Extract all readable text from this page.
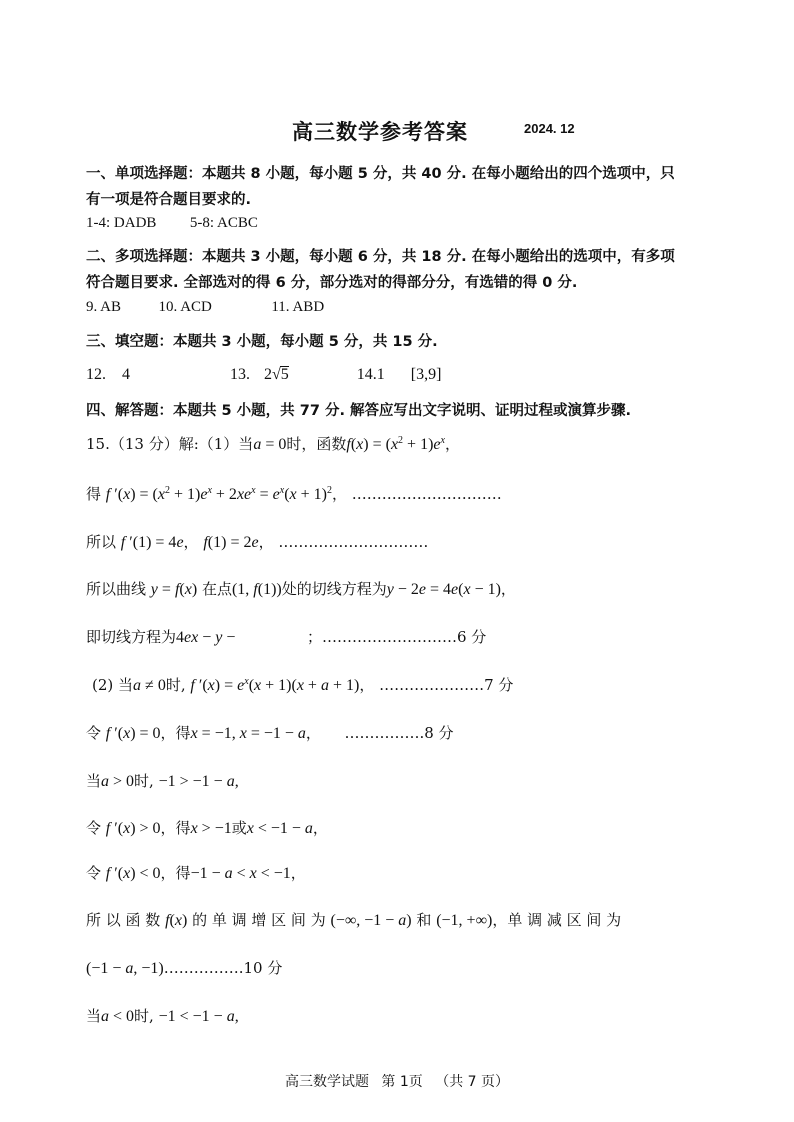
高三数学参考答案	2024. 12
一、单项选择题：本题共 8 小题，每小题 5 分，共 40 分. 在每小题给出的四个选项中，只
有一项是符合题目要求的.
1-4: DADB 5-8: ACBC
二、多项选择题：本题共 3 小题，每小题 6 分，共 18 分. 在每小题给出的选项中，有多项
符合题目要求. 全部选对的得 6 分，部分选对的得部分分，有选错的得 0 分.
9. AB	10. ACD	11. ABD
三、填空题：本题共 3 小题，每小题 5 分，共 15 分.
12. 4	13. 2√5	14.1 [3,9]
四、解答题：本题共 5 小题，共 77 分. 解答应写出文字说明、证明过程或演算步骤.
15.（13 分）解:（1）当a = 0时，函数$f(x) = (x^2 + 1)e^x$，
得 f $'(x) = (x^2 + 1)e^x + 2xe^x = e^x(x + 1)^2$， …………………………
所以 f ′(1) = 4e， f(1) = 2e， …………………………
所以曲线 y = f(x) 在点(1, f(1))处的切线方程为y − 2e = 4e(x − 1)，
即切线方程为4ex − y −	；………………………6 分
(2) 当a ≠ 0时, f $'(x) = e^x(x + 1)(x + a + 1)$， …………………7 分
令 f ′(x) = 0，得x = −1, x = −1 − a，  …………….8 分
当a > 0时, −1 > −1 − a,
令 f ′(x) > 0，得x > −1或x < −1 − a，
令 f ′(x) < 0，得−1 − a < x < −1，
所 以 函 数 f(x) 的 单 调 增 区 间 为 (−∞, −1 − a) 和 (−1, +∞)，单 调 减 区 间 为
(−1 − a, −1)…………….10 分
当a < 0时, −1 < −1 − a,
高三数学试题 第 1页 （共 7 页）
